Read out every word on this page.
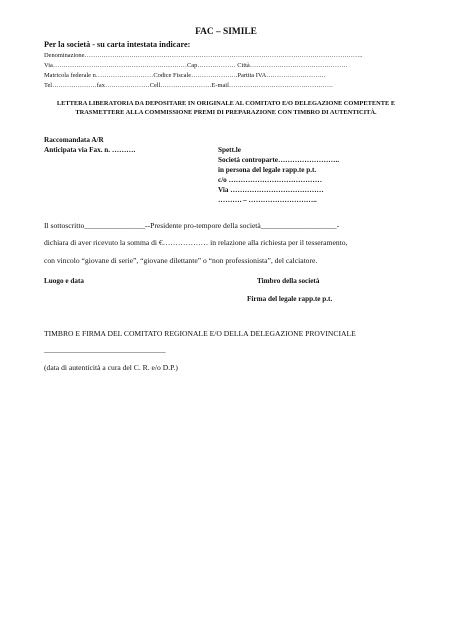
FAC – SIMILE
Per la società - su carta intestata indicare:
Denominazione…………………………………………………………………………………………………………………..
Via………………………………………………………Cap……………… Città……………………………………….
Matricola federale n………………………Codice Fiscale………………….Partita IVA……………………….
Tel…………………fax…………………Cell……………………E-mail………………………………………….
LETTERA LIBERATORIA DA DEPOSITARE IN ORIGINALE AL COMITATO E/O DELEGAZIONE COMPETENTE E TRASMETTERE ALLA COMMISSIONE PREMI DI PREPARAZIONE CON TIMBRO DI AUTENTICITÀ.
Raccomandata A/R
Anticipata via Fax. n. ……….	Spett.le
Società controparte……………………..
in persona del legale rapp.te p.t.
c/o …………………………………
Via …………………………………
………. – ………………………..
Il sottoscritto________________--Presidente pro-tempore della società____________________-
dichiara di aver ricevuto la somma di €……………… in relazione alla richiesta per il tesseramento,
con vincolo “giovane di serie”, “giovane dilettante” o “non professionista”, del calciatore.
Luogo e data	Timbro della società
Firma del legale rapp.te p.t.
TIMBRO E FIRMA DEL COMITATO REGIONALE E/O DELLA DELEGAZIONE PROVINCIALE
________________________________
(data di autenticità a cura del C. R. e/o D.P.)
